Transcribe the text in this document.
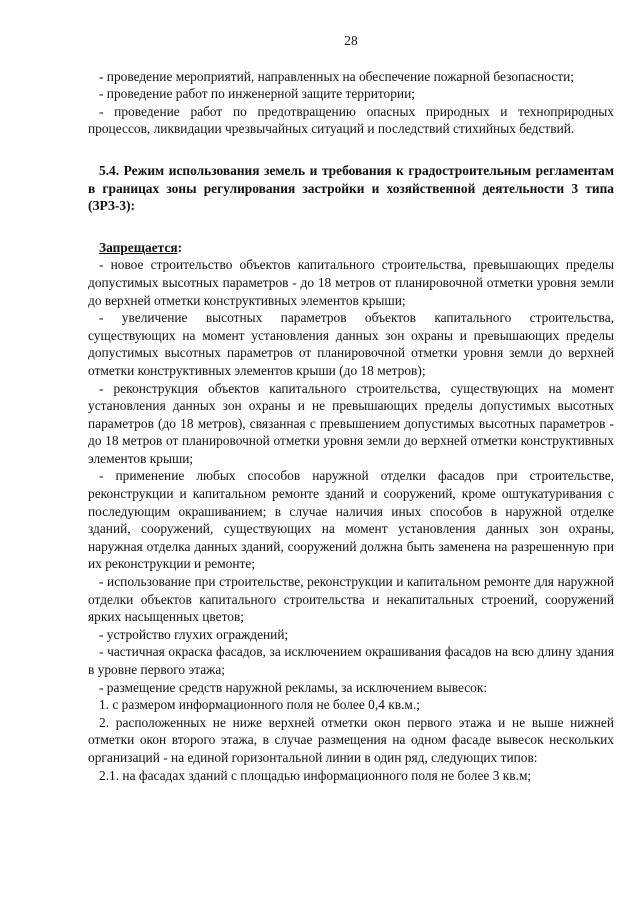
28

- проведение мероприятий, направленных на обеспечение пожарной безопасности;

- проведение работ по инженерной защите территории;

- проведение работ по предотвращению опасных природных и технoприродных процессов, ликвидации чрезвычайных ситуаций и последствий стихийных бедствий.

5.4. Режим использования земель и требования к градостроительным регламентам в границах зоны регулирования застройки и хозяйственной деятельности 3 типа (ЗРЗ-3):

Запрещается:

- новое строительство объектов капитального строительства, превышающих пределы допустимых высотных параметров - до 18 метров от планировочной отметки уровня земли до верхней отметки конструктивных элементов крыши;

- увеличение высотных параметров объектов капитального строительства, существующих на момент установления данных зон охраны и превышающих пределы допустимых высотных параметров от планировочной отметки уровня земли до верхней отметки конструктивных элементов крыши (до 18 метров);

- реконструкция объектов капитального строительства, существующих на момент установления данных зон охраны и не превышающих пределы допустимых высотных параметров (до 18 метров), связанная с превышением допустимых высотных параметров - до 18 метров от планировочной отметки уровня земли до верхней отметки конструктивных элементов крыши;

- применение любых способов наружной отделки фасадов при строительстве, реконструкции и капитальном ремонте зданий и сооружений, кроме оштукатуривания с последующим окрашиванием; в случае наличия иных способов в наружной отделке зданий, сооружений, существующих на момент установления данных зон охраны, наружная отделка данных зданий, сооружений должна быть заменена на разрешенную при их реконструкции и ремонте;

- использование при строительстве, реконструкции и капитальном ремонте для наружной отделки объектов капитального строительства и некапитальных строений, сооружений ярких насыщенных цветов;

- устройство глухих ограждений;

- частичная окраска фасадов, за исключением окрашивания фасадов на всю длину здания в уровне первого этажа;

- размещение средств наружной рекламы, за исключением вывесок:

1. с размером информационного поля не более 0,4 кв.м.;

2. расположенных не ниже верхней отметки окон первого этажа и не выше нижней отметки окон второго этажа, в случае размещения на одном фасаде вывесок нескольких организаций - на единой горизонтальной линии в один ряд, следующих типов:

2.1. на фасадах зданий с площадью информационного поля не более 3 кв.м;
